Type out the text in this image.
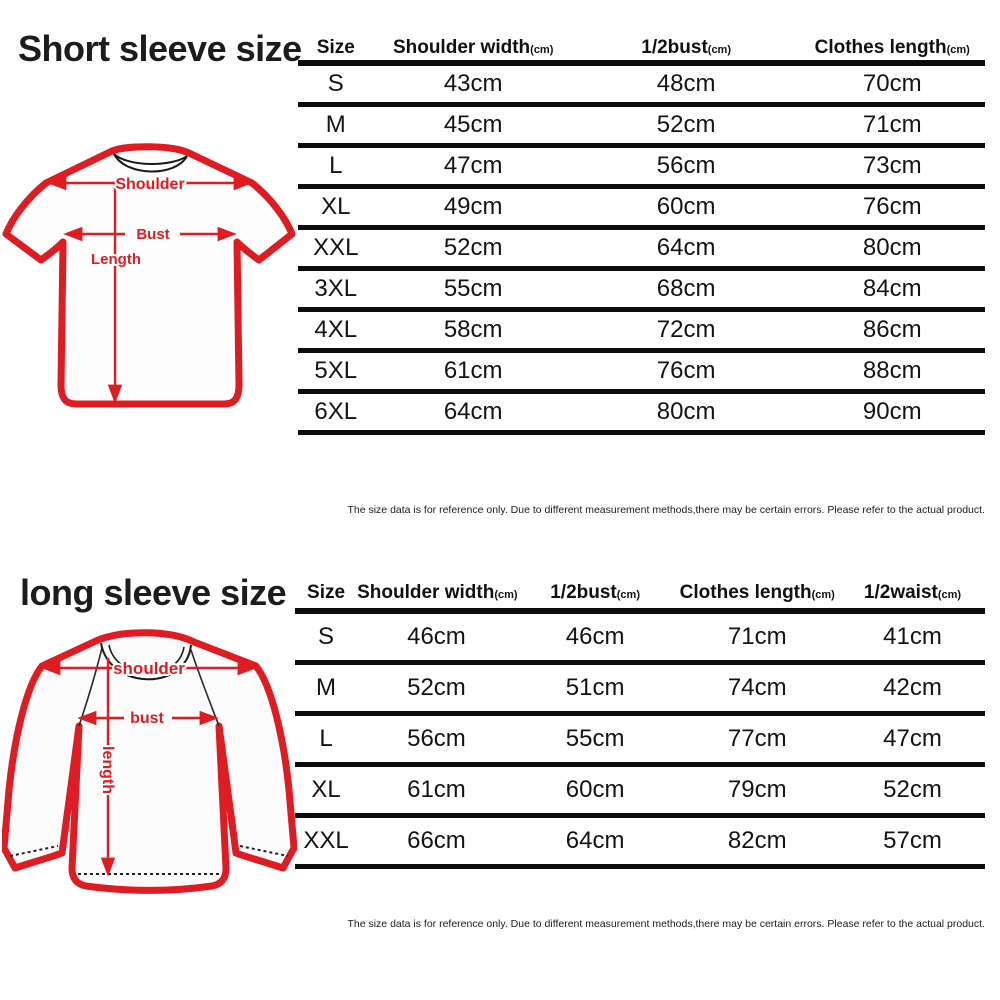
Short sleeve size
Shoulder
Bust
Length
Size	Shoulder width(cm)	1/2bust(cm)	Clothes length(cm)
S	43cm	48cm	70cm
M	45cm	52cm	71cm
L	47cm	56cm	73cm
XL	49cm	60cm	76cm
XXL	52cm	64cm	80cm
3XL	55cm	68cm	84cm
4XL	58cm	72cm	86cm
5XL	61cm	76cm	88cm
6XL	64cm	80cm	90cm
The size data is for reference only. Due to different measurement methods,there may be certain errors. Please refer to the actual product.
long sleeve size
shoulder
bust
length
Size Shoulder width(cm)	1/2bust(cm)	Clothes length(cm)	1/2waist(cm)
S	46cm	46cm	71cm	41cm
M	52cm	51cm	74cm	42cm
L	56cm	55cm	77cm	47cm
XL	61cm	60cm	79cm	52cm
XXL	66cm	64cm	82cm	57cm
The size data is for reference only. Due to different measurement methods,there may be certain errors. Please refer to the actual product.
